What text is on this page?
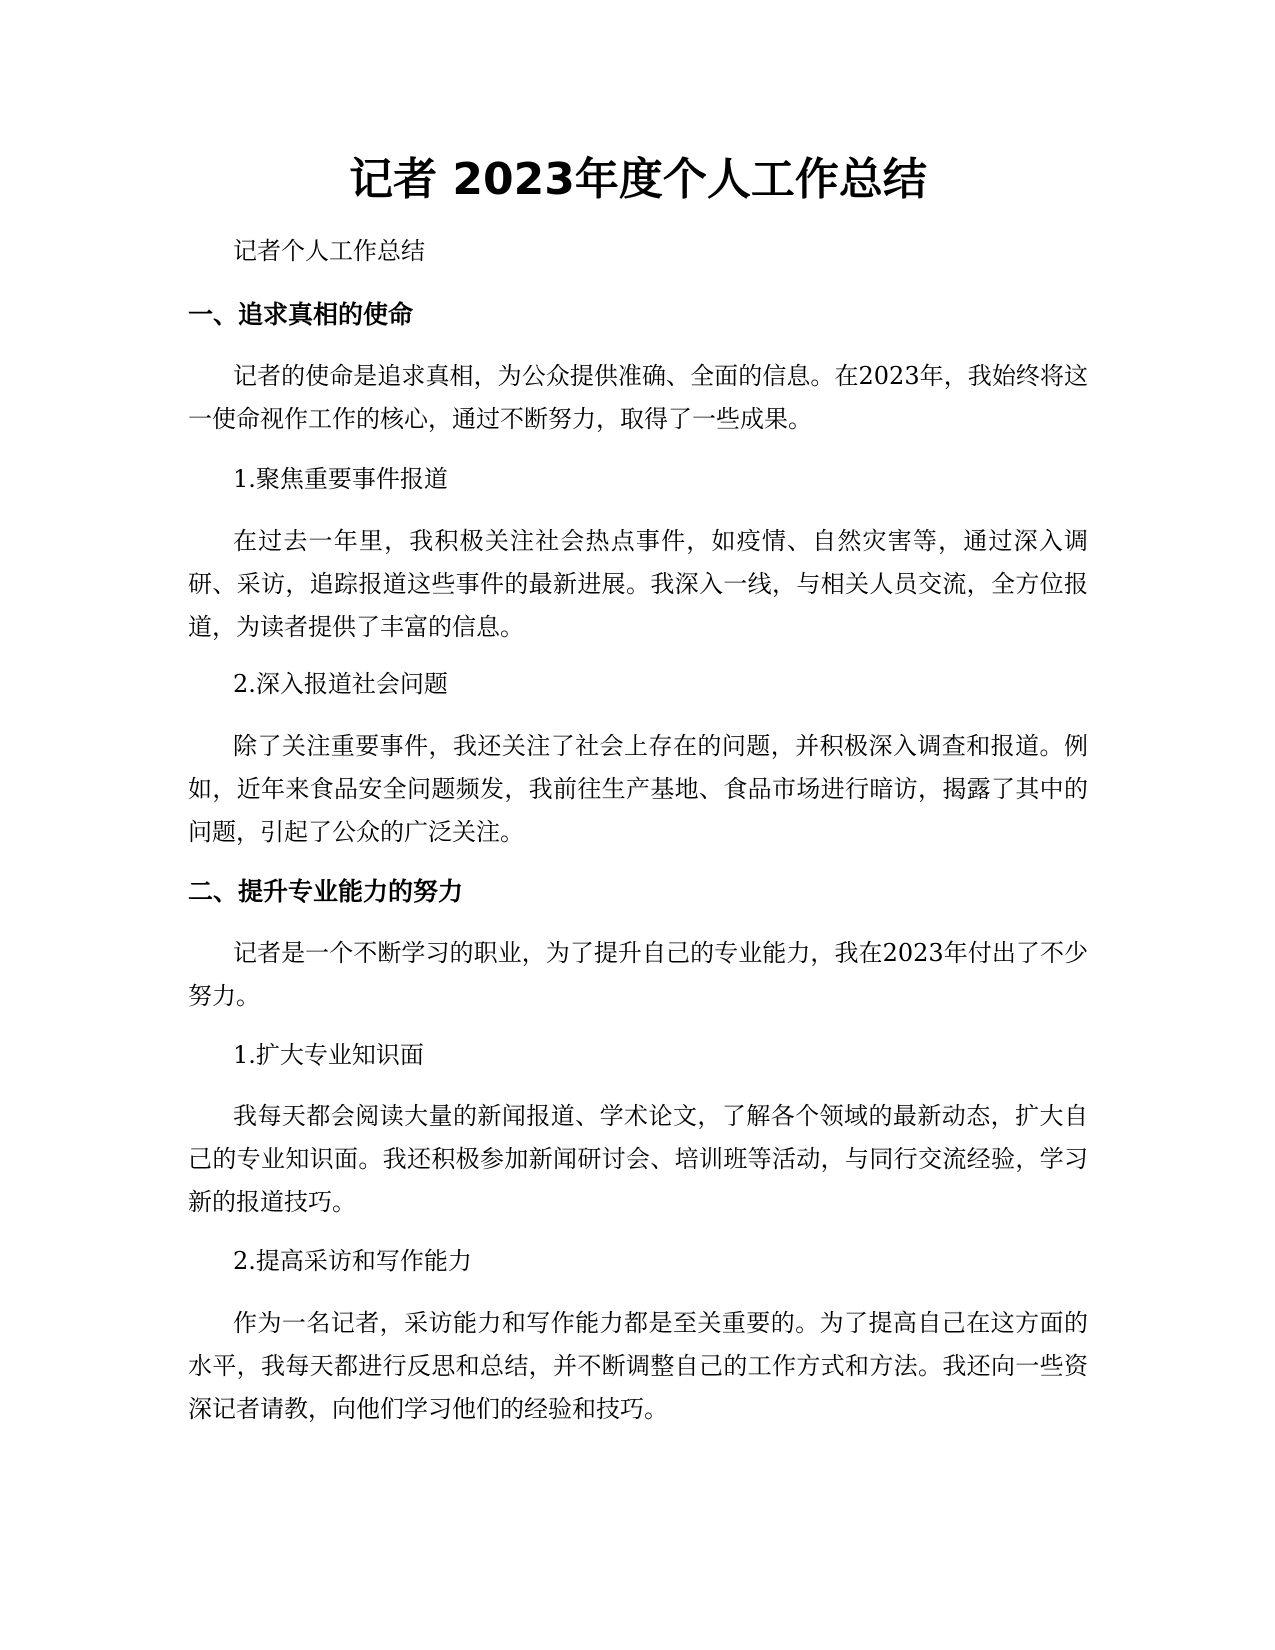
记者 2023年度个人工作总结

记者个人工作总结

一、追求真相的使命

记者的使命是追求真相，为公众提供准确、全面的信息。在2023年，我始终将这一使命视作工作的核心，通过不断努力，取得了一些成果。

1.聚焦重要事件报道

在过去一年里，我积极关注社会热点事件，如疫情、自然灾害等，通过深入调研、采访，追踪报道这些事件的最新进展。我深入一线，与相关人员交流，全方位报道，为读者提供了丰富的信息。

2.深入报道社会问题

除了关注重要事件，我还关注了社会上存在的问题，并积极深入调查和报道。例如，近年来食品安全问题频发，我前往生产基地、食品市场进行暗访，揭露了其中的问题，引起了公众的广泛关注。

二、提升专业能力的努力

记者是一个不断学习的职业，为了提升自己的专业能力，我在2023年付出了不少努力。

1.扩大专业知识面

我每天都会阅读大量的新闻报道、学术论文，了解各个领域的最新动态，扩大自己的专业知识面。我还积极参加新闻研讨会、培训班等活动，与同行交流经验，学习新的报道技巧。

2.提高采访和写作能力

作为一名记者，采访能力和写作能力都是至关重要的。为了提高自己在这方面的水平，我每天都进行反思和总结，并不断调整自己的工作方式和方法。我还向一些资深记者请教，向他们学习他们的经验和技巧。
